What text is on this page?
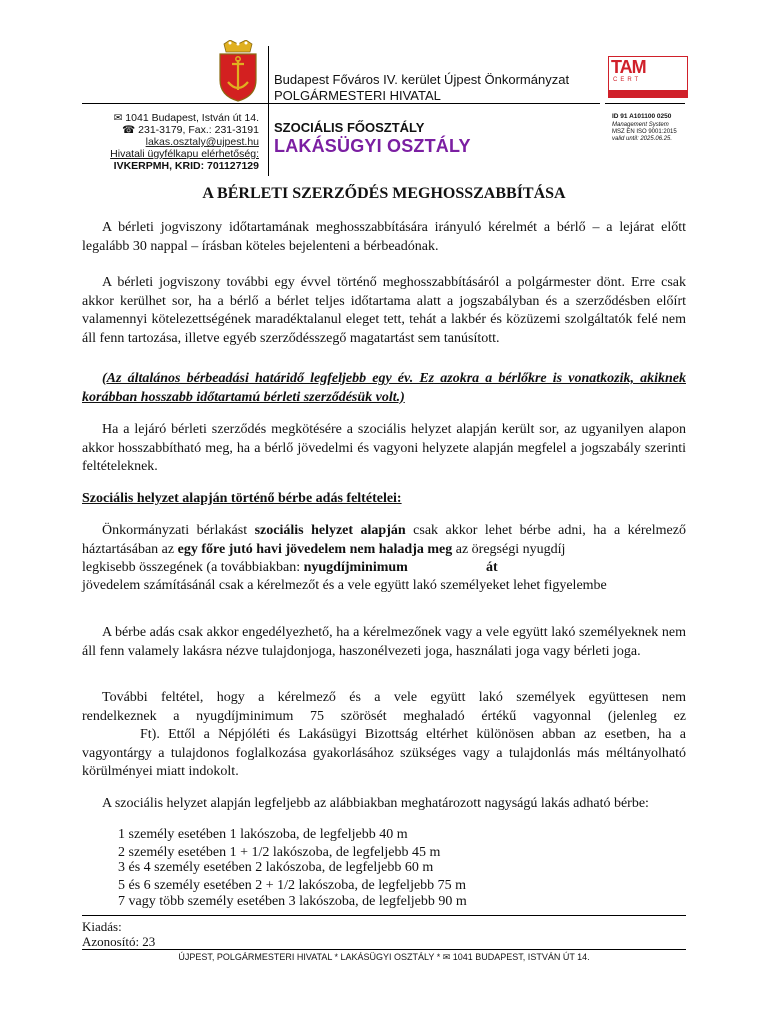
Budapest Főváros IV. kerület Újpest Önkormányzat
POLGÁRMESTERI HIVATAL
TAM
CERT
✉ 1041 Budapest, István út 14.
☎ 231-3179, Fax.: 231-3191
lakas.osztaly@ujpest.hu
Hivatali ügyfélkapu elérhetőség:
IVKERPMH, KRID: 701127129
SZOCIÁLIS FŐOSZTÁLY
LAKÁSÜGYI OSZTÁLY
ID 91 A101100 0250
Management System
MSZ EN ISO 9001:2015
valid until: 2025.06.25.
A BÉRLETI SZERZŐDÉS MEGHOSSZABBÍTÁSA
A bérleti jogviszony időtartamának meghosszabbítására irányuló kérelmét a bérlő – a lejárat előtt legalább 30 nappal – írásban köteles bejelenteni a bérbeadónak.
A bérleti jogviszony további egy évvel történő meghosszabbításáról a polgármester dönt. Erre csak akkor kerülhet sor, ha a bérlő a bérlet teljes időtartama alatt a jogszabályban és a szerződésben előírt valamennyi kötelezettségének maradéktalanul eleget tett, tehát a lakbér és közüzemi szolgáltatók felé nem áll fenn tartozása, illetve egyéb szerződésszegő magatartást sem tanúsított.
(Az általános bérbeadási határidő legfeljebb egy év. Ez azokra a bérlőkre is vonatkozik, akiknek korábban hosszabb időtartamú bérleti szerződésük volt.)
Ha a lejáró bérleti szerződés megkötésére a szociális helyzet alapján került sor, az ugyanilyen alapon akkor hosszabbítható meg, ha a bérlő jövedelmi és vagyoni helyzete alapján megfelel a jogszabály szerinti feltételeknek.
Szociális helyzet alapján történő bérbe adás feltételei:
Önkormányzati bérlakást szociális helyzet alapján csak akkor lehet bérbe adni, ha a kérelmező háztartásában az egy főre jutó havi jövedelem nem haladja meg az öregségi nyugdíj
legkisebb összegének (a továbbiakban: nyugdíjminimum	át
jövedelem számításánál csak a kérelmezőt és a vele együtt lakó személyeket lehet figyelembe
A bérbe adás csak akkor engedélyezhető, ha a kérelmezőnek vagy a vele együtt lakó személyeknek nem áll fenn valamely lakásra nézve tulajdonjoga, haszonélvezeti joga, használati joga vagy bérleti joga.
További feltétel, hogy a kérelmező és a vele együtt lakó személyek együttesen nem
rendelkeznek a nyugdíjminimum 75 szörösét meghaladó értékű vagyonnal (jelenleg ez
Ft). Ettől a Népjóléti és Lakásügyi Bizottság eltérhet különösen abban az esetben, ha a vagyontárgy a tulajdonos foglalkozása gyakorlásához szükséges vagy a tulajdonlás más méltányolható körülményei miatt indokolt.
A szociális helyzet alapján legfeljebb az alábbiakban meghatározott nagyságú lakás adható bérbe:
1 személy esetében 1 lakószoba, de legfeljebb 40 m
2 személy esetében 1 + 1/2 lakószoba, de legfeljebb 45 m
3 és 4 személy esetében 2 lakószoba, de legfeljebb 60 m
5 és 6 személy esetében 2 + 1/2 lakószoba, de legfeljebb 75 m
7 vagy több személy esetében 3 lakószoba, de legfeljebb 90 m
Kiadás:
Azonosító: 23
ÚJPEST, POLGÁRMESTERI HIVATAL * LAKÁSÜGYI OSZTÁLY * ✉ 1041 BUDAPEST, ISTVÁN ÚT 14.
